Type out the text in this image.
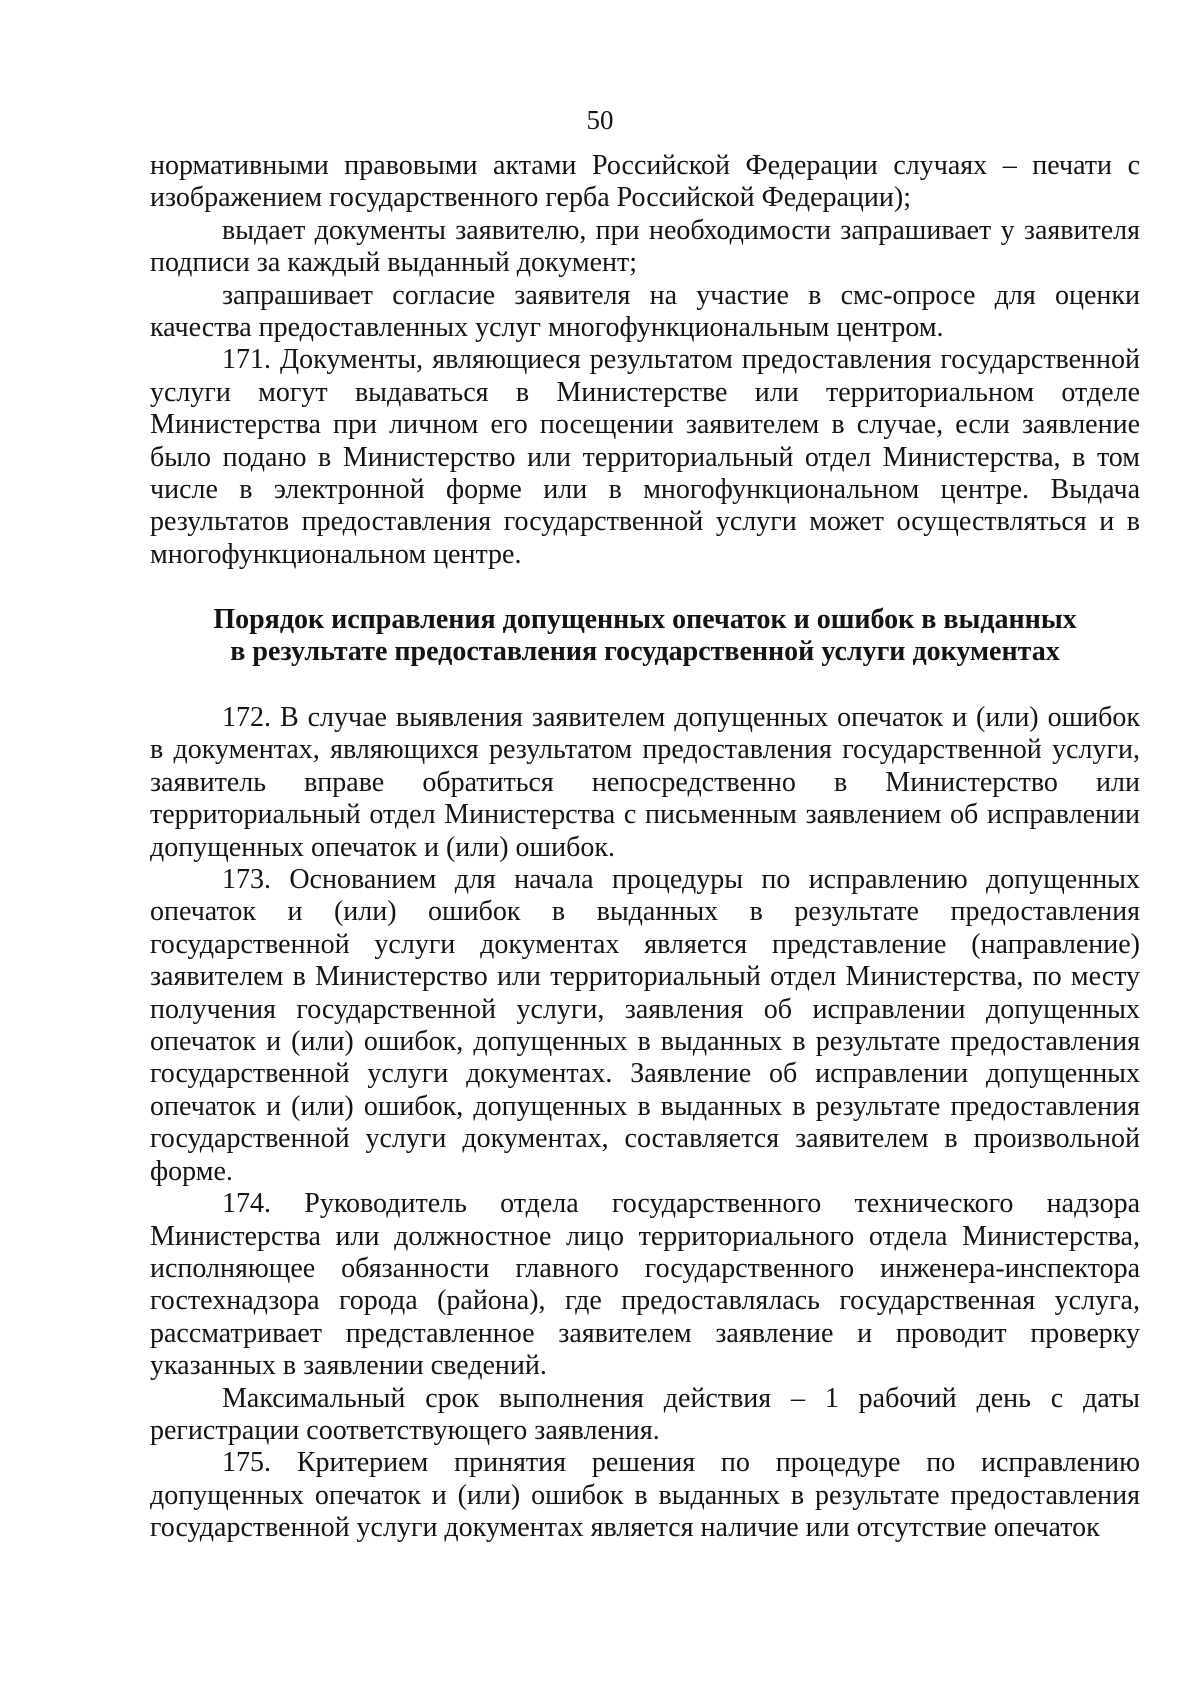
50

нормативными правовыми актами Российской Федерации случаях – печати с изображением государственного герба Российской Федерации);

выдает документы заявителю, при необходимости запрашивает у заявителя подписи за каждый выданный документ;

запрашивает согласие заявителя на участие в смс-опросе для оценки качества предоставленных услуг многофункциональным центром.

171. Документы, являющиеся результатом предоставления государственной услуги могут выдаваться в Министерстве или территориальном отделе Министерства при личном его посещении заявителем в случае, если заявление было подано в Министерство или территориальный отдел Министерства, в том числе в электронной форме или в многофункциональном центре. Выдача результатов предоставления государственной услуги может осуществляться и в многофункциональном центре.

Порядок исправления допущенных опечаток и ошибок в выданных
в результате предоставления государственной услуги документах

172. В случае выявления заявителем допущенных опечаток и (или) ошибок в документах, являющихся результатом предоставления государственной услуги, заявитель вправе обратиться непосредственно в Министерство или территориальный отдел Министерства с письменным заявлением об исправлении допущенных опечаток и (или) ошибок.

173. Основанием для начала процедуры по исправлению допущенных опечаток и (или) ошибок в выданных в результате предоставления государственной услуги документах является представление (направление) заявителем в Министерство или территориальный отдел Министерства, по месту получения государственной услуги, заявления об исправлении допущенных опечаток и (или) ошибок, допущенных в выданных в результате предоставления государственной услуги документах. Заявление об исправлении допущенных опечаток и (или) ошибок, допущенных в выданных в результате предоставления государственной услуги документах, составляется заявителем в произвольной форме.

174. Руководитель отдела государственного технического надзора Министерства или должностное лицо территориального отдела Министерства, исполняющее обязанности главного государственного инженера-инспектора гостехнадзора города (района), где предоставлялась государственная услуга, рассматривает представленное заявителем заявление и проводит проверку указанных в заявлении сведений.

Максимальный срок выполнения действия – 1 рабочий день с даты регистрации соответствующего заявления.

175. Критерием принятия решения по процедуре по исправлению допущенных опечаток и (или) ошибок в выданных в результате предоставления государственной услуги документах является наличие или отсутствие опечаток
